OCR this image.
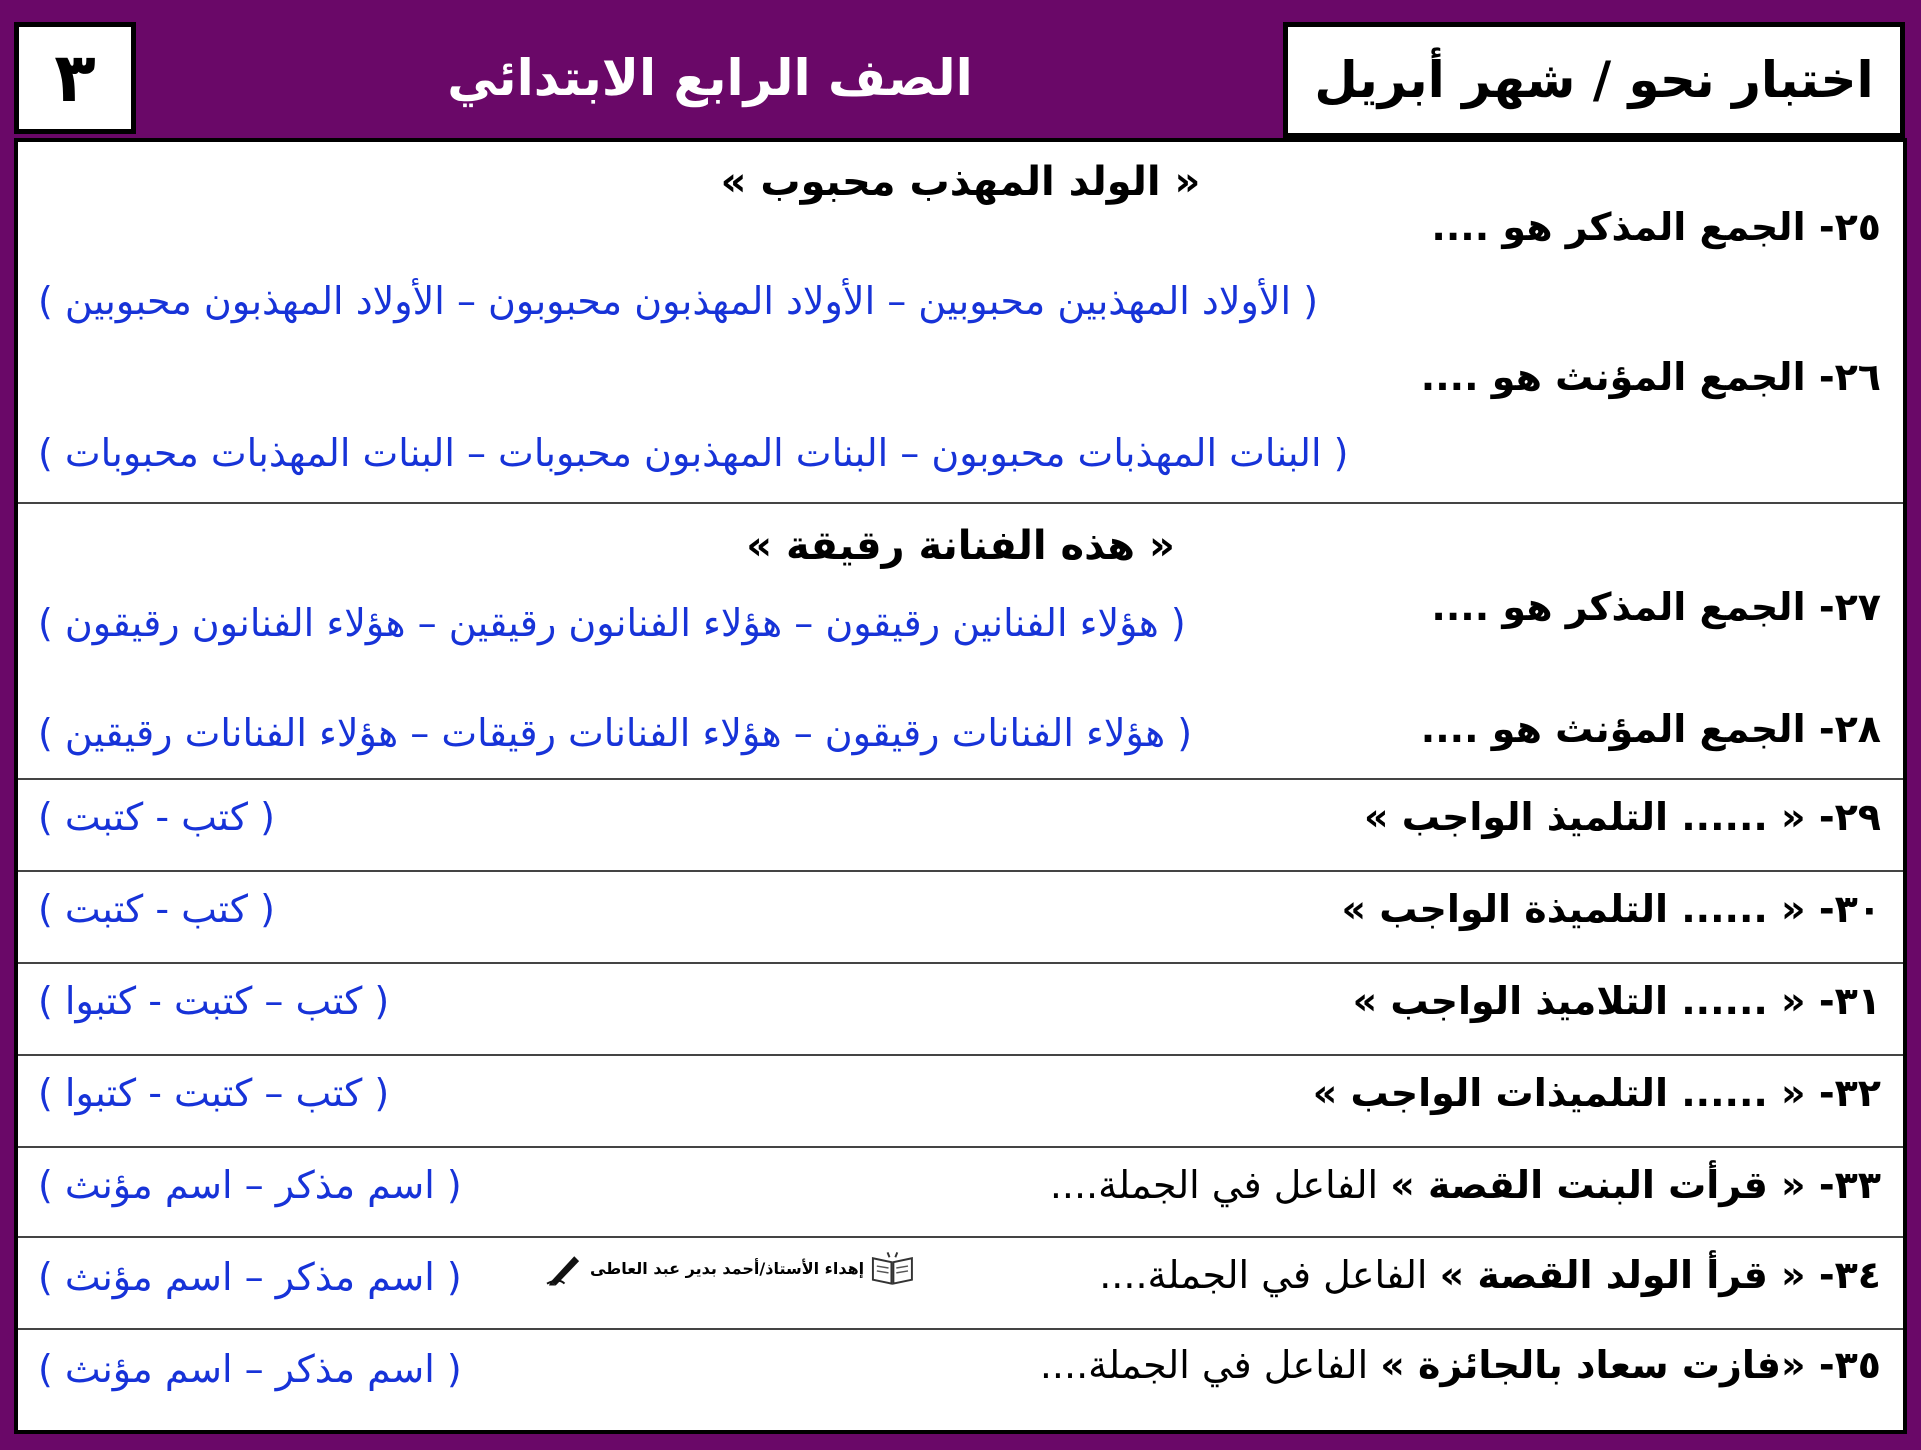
اختبار نحو / شهر أبريل
الصف الرابع الابتدائي
٣
« الولد المهذب محبوب »
٢٥- الجمع المذكر هو ....
( الأولاد المهذبين محبوبين – الأولاد المهذبون محبوبون – الأولاد المهذبون محبوبين )
٢٦- الجمع المؤنث هو ....
( البنات المهذبات محبوبون – البنات المهذبون محبوبات – البنات المهذبات محبوبات )
« هذه الفنانة رقيقة »
٢٧- الجمع المذكر هو ....
( هؤلاء الفنانين رقيقون – هؤلاء الفنانون رقيقين – هؤلاء الفنانون رقيقون )
٢٨- الجمع المؤنث هو ....
( هؤلاء الفنانات رقيقون – هؤلاء الفنانات رقيقات – هؤلاء الفنانات رقيقين )
٢٩- « ...... التلميذ الواجب »
( كتب - كتبت )
٣٠- « ...... التلميذة الواجب »
( كتب - كتبت )
٣١- « ...... التلاميذ الواجب »
( كتب – كتبت - كتبوا )
٣٢- « ...... التلميذات الواجب »
( كتب – كتبت - كتبوا )
٣٣- « قرأت البنت القصة » الفاعل في الجملة....
( اسم مذكر – اسم مؤنث )
٣٤- « قرأ الولد القصة » الفاعل في الجملة....
( اسم مذكر – اسم مؤنث )
٣٥- «فازت سعاد بالجائزة » الفاعل في الجملة....
( اسم مذكر – اسم مؤنث )
إهداء الأستاذ/أحمد بدير عبد العاطى
